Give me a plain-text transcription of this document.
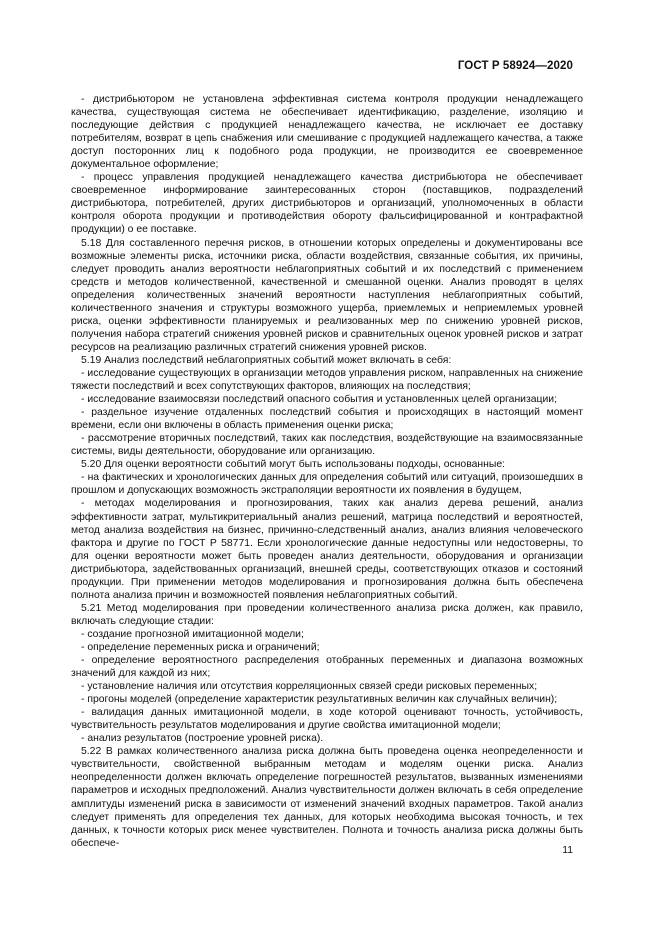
ГОСТ Р 58924—2020

- дистрибьютором не установлена эффективная система контроля продукции ненадлежащего качества, существующая система не обеспечивает идентификацию, разделение, изоляцию и последующие действия с продукцией ненадлежащего качества, не исключает ее доставку потребителям, возврат в цепь снабжения или смешивание с продукцией надлежащего качества, а также доступ посторонних лиц к подобного рода продукции, не производится ее своевременное документальное оформление;

- процесс управления продукцией ненадлежащего качества дистрибьютора не обеспечивает своевременное информирование заинтересованных сторон (поставщиков, подразделений дистрибьютора, потребителей, других дистрибьюторов и организаций, уполномоченных в области контроля оборота продукции и противодействия обороту фальсифицированной и контрафактной продукции) о ее поставке.

5.18 Для составленного перечня рисков, в отношении которых определены и документированы все возможные элементы риска, источники риска, области воздействия, связанные события, их причины, следует проводить анализ вероятности неблагоприятных событий и их последствий с применением средств и методов количественной, качественной и смешанной оценки. Анализ проводят в целях определения количественных значений вероятности наступления неблагоприятных событий, количественного значения и структуры возможного ущерба, приемлемых и неприемлемых уровней риска, оценки эффективности планируемых и реализованных мер по снижению уровней рисков, получения набора стратегий снижения уровней рисков и сравнительных оценок уровней рисков и затрат ресурсов на реализацию различных стратегий снижения уровней рисков.

5.19 Анализ последствий неблагоприятных событий может включать в себя:

- исследование существующих в организации методов управления риском, направленных на снижение тяжести последствий и всех сопутствующих факторов, влияющих на последствия;

- исследование взаимосвязи последствий опасного события и установленных целей организации;

- раздельное изучение отдаленных последствий события и происходящих в настоящий момент времени, если они включены в область применения оценки риска;

- рассмотрение вторичных последствий, таких как последствия, воздействующие на взаимосвязанные системы, виды деятельности, оборудование или организацию.

5.20 Для оценки вероятности событий могут быть использованы подходы, основанные:

- на фактических и хронологических данных для определения событий или ситуаций, произошедших в прошлом и допускающих возможность экстраполяции вероятности их появления в будущем,

- методах моделирования и прогнозирования, таких как анализ дерева решений, анализ эффективности затрат, мультикритериальный анализ решений, матрица последствий и вероятностей, метод анализа воздействия на бизнес, причинно-следственный анализ, анализ влияния человеческого фактора и другие по ГОСТ Р 58771. Если хронологические данные недоступны или недостоверны, то для оценки вероятности может быть проведен анализ деятельности, оборудования и организации дистрибьютора, задействованных организаций, внешней среды, соответствующих отказов и состояний продукции. При применении методов моделирования и прогнозирования должна быть обеспечена полнота анализа причин и возможностей появления неблагоприятных событий.

5.21 Метод моделирования при проведении количественного анализа риска должен, как правило, включать следующие стадии:

- создание прогнозной имитационной модели;

- определение переменных риска и ограничений;

- определение вероятностного распределения отобранных переменных и диапазона возможных значений для каждой из них;

- установление наличия или отсутствия корреляционных связей среди рисковых переменных;

- прогоны моделей (определение характеристик результативных величин как случайных величин);

- валидация данных имитационной модели, в ходе которой оценивают точность, устойчивость, чувствительность результатов моделирования и другие свойства имитационной модели;

- анализ результатов (построение уровней риска).

5.22 В рамках количественного анализа риска должна быть проведена оценка неопределенности и чувствительности, свойственной выбранным методам и моделям оценки риска. Анализ неопределенности должен включать определение погрешностей результатов, вызванных изменениями параметров и исходных предположений. Анализ чувствительности должен включать в себя определение амплитуды изменений риска в зависимости от изменений значений входных параметров. Такой анализ следует применять для определения тех данных, для которых необходима высокая точность, и тех данных, к точности которых риск менее чувствителен. Полнота и точность анализа риска должны быть обеспече-

11
